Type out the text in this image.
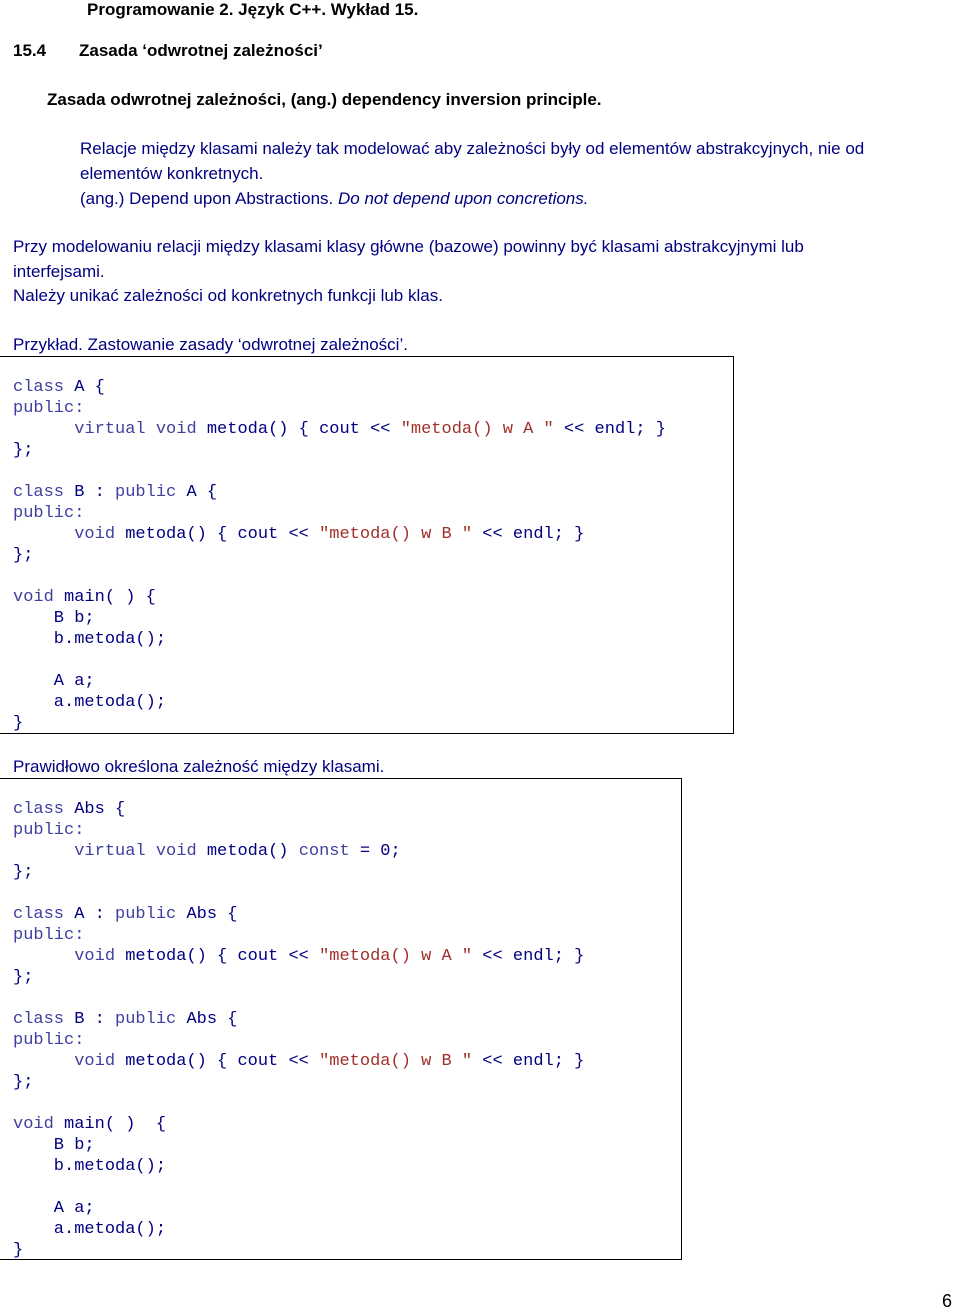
Programowanie 2. Język C++. Wykład 15.

15.4 Zasada ‘odwrotnej zależności’

Zasada odwrotnej zależności, (ang.) dependency inversion principle.

Relacje między klasami należy tak modelować aby zależności były od elementów abstrakcyjnych, nie od

elementów konkretnych.

(ang.) Depend upon Abstractions. Do not depend upon concretions.

Przy modelowaniu relacji między klasami klasy główne (bazowe) powinny być klasami abstrakcyjnymi lub

interfejsami.

Należy unikać zależności od konkretnych funkcji lub klas.

Przykład. Zastowanie zasady ‘odwrotnej zależności’.

class A {
public:
virtual void metoda() { cout << "metoda() w A " << endl; }
};
class B : public A {
public:
void metoda() { cout << "metoda() w B " << endl; }
};
void main( ) {
B b;
b.metoda();
A a;
a.metoda();
}

Prawidłowo określona zależność między klasami.

class Abs {
public:
virtual void metoda() const = 0;
};
class A : public Abs {
public:
void metoda() { cout << "metoda() w A " << endl; }
};
class B : public Abs {
public:
void metoda() { cout << "metoda() w B " << endl; }
};
void main( )  {
B b;
b.metoda();
A a;
a.metoda();
}
6
